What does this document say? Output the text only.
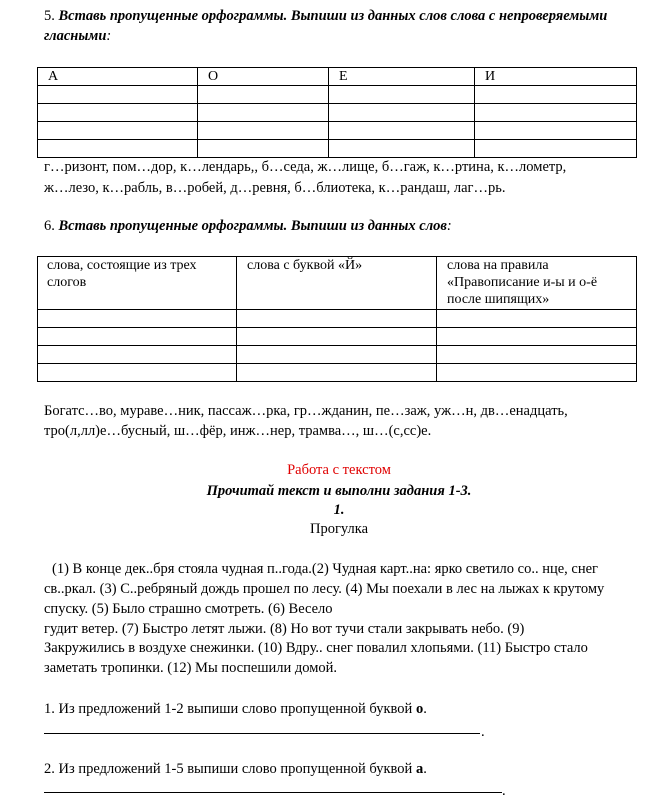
5. Вставь пропущенные орфограммы. Выпиши из данных слов слова с непроверяемыми гласными:
А	О	Е	И

г…ризонт, пом…дор, к…лендарь,, б…седа, ж…лище, б…гаж, к…ртина, к…лометр,
ж…лезо, к…рабль, в…робей, д…ревня, б…блиотека, к…рандаш, лаг…рь.
6. Вставь пропущенные орфограммы. Выпиши из данных слов:
слова, состоящие из трех слогов	слова с буквой «Й»	слова на правила «Правописание и-ы и о-ё после шипящих»

Богатс…во, мураве…ник, пассаж…рка, гр…жданин, пе…заж, уж…н, дв…енадцать,
тро(л,лл)е…бусный, ш…фёр, инж…нер, трамва…, ш…(с,сс)е.
Работа с текстом
Прочитай текст и выполни задания 1-3.
1.
Прогулка
(1) В конце дек..бря стояла чудная п..года.(2) Чудная карт..на: ярко светило со.. нце, снег
св..ркал. (3) С..ребряный дождь прошел по лесу. (4) Мы поехали в лес на лыжах к крутому
спуску. (5) Было страшно смотреть. (6) Весело
гудит ветер. (7) Быстро летят лыжи. (8) Но вот тучи стали закрывать небо. (9)
Закружились в воздухе снежинки. (10) Вдру.. снег повалил хлопьями. (11) Быстро стало
заметать тропинки. (12) Мы поспешили домой.
1. Из предложений 1-2 выпиши слово пропущенной буквой о.
.
2. Из предложений 1-5 выпиши слово пропущенной буквой а.
.
